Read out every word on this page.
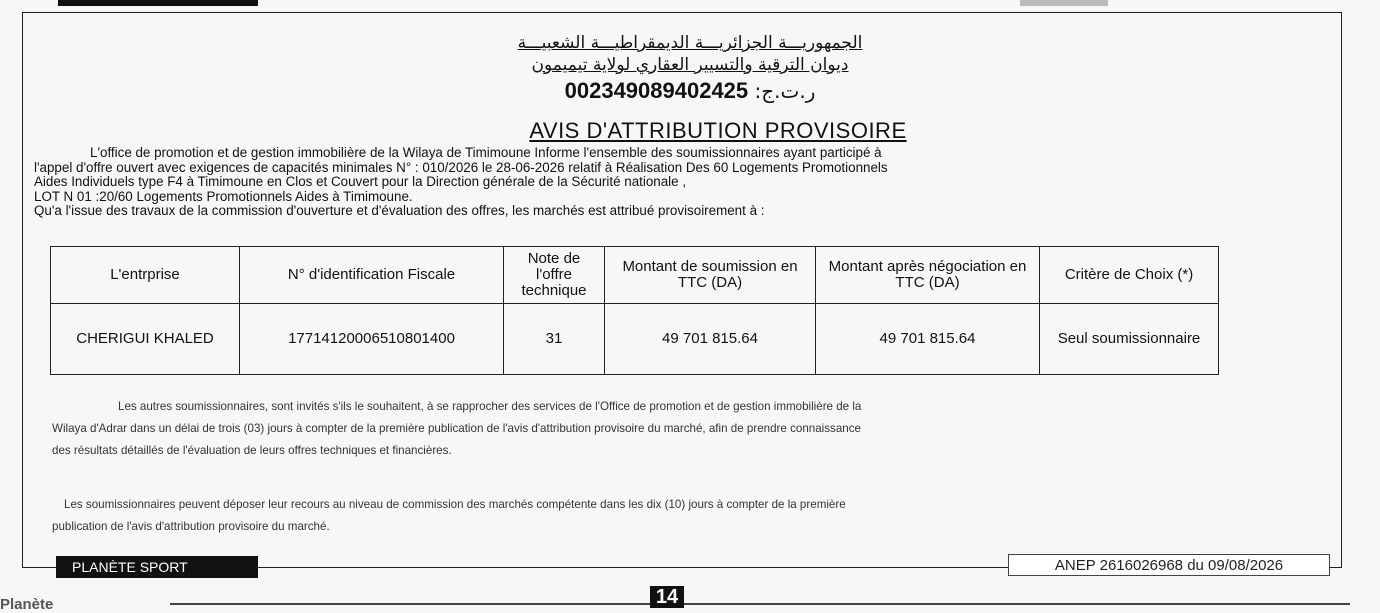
الجمهوريـــة الجزائريـــة الديمقراطيـــة الشعبيـــة
ديوان الترقية والتسيير العقاري لولاية تيميمون
ر.ت.ج: 002349089402425
AVIS D'ATTRIBUTION PROVISOIRE

L'office de promotion et de gestion immobilière de la Wilaya de Timimoune Informe l'ensemble des soumissionnaires ayant participé à

l'appel d'offre ouvert avec exigences de capacités minimales N° : 010/2026 le 28-06-2026 relatif à Réalisation Des 60 Logements Promotionnels

Aides Individuels type F4 à Timimoune en Clos et Couvert pour la Direction générale de la Sécurité nationale ,

LOT N 01 :20/60 Logements Promotionnels Aides à Timimoune.

Qu'a l'issue des travaux de la commission d'ouverture et d'évaluation des offres, les marchés est attribué provisoirement à :

L'entrprise	N° d'identification Fiscale	Note de l'offre technique	Montant de soumission en TTC (DA)	Montant après négociation en TTC (DA)	Critère de Choix (*)
CHERIGUI KHALED	17714120006510801400	31	49 701 815.64	49 701 815.64	Seul soumissionnaire

Les autres soumissionnaires, sont invités s'ils le souhaitent, à se rapprocher des services de l'Office de promotion et de gestion immobilière de la

Wilaya d'Adrar dans un délai de trois (03) jours à compter de la première publication de l'avis d'attribution provisoire du marché, afin de prendre connaissance

des résultats détaillés de l'évaluation de leurs offres techniques et financières.

Les soumissionnaires peuvent déposer leur recours au niveau de commission des marchés compétente dans les dix (10) jours à compter de la première

publication de l'avis d'attribution provisoire du marché.

PLANÈTE SPORT	ANEP 2616026968 du 09/08/2026
Planète	14
